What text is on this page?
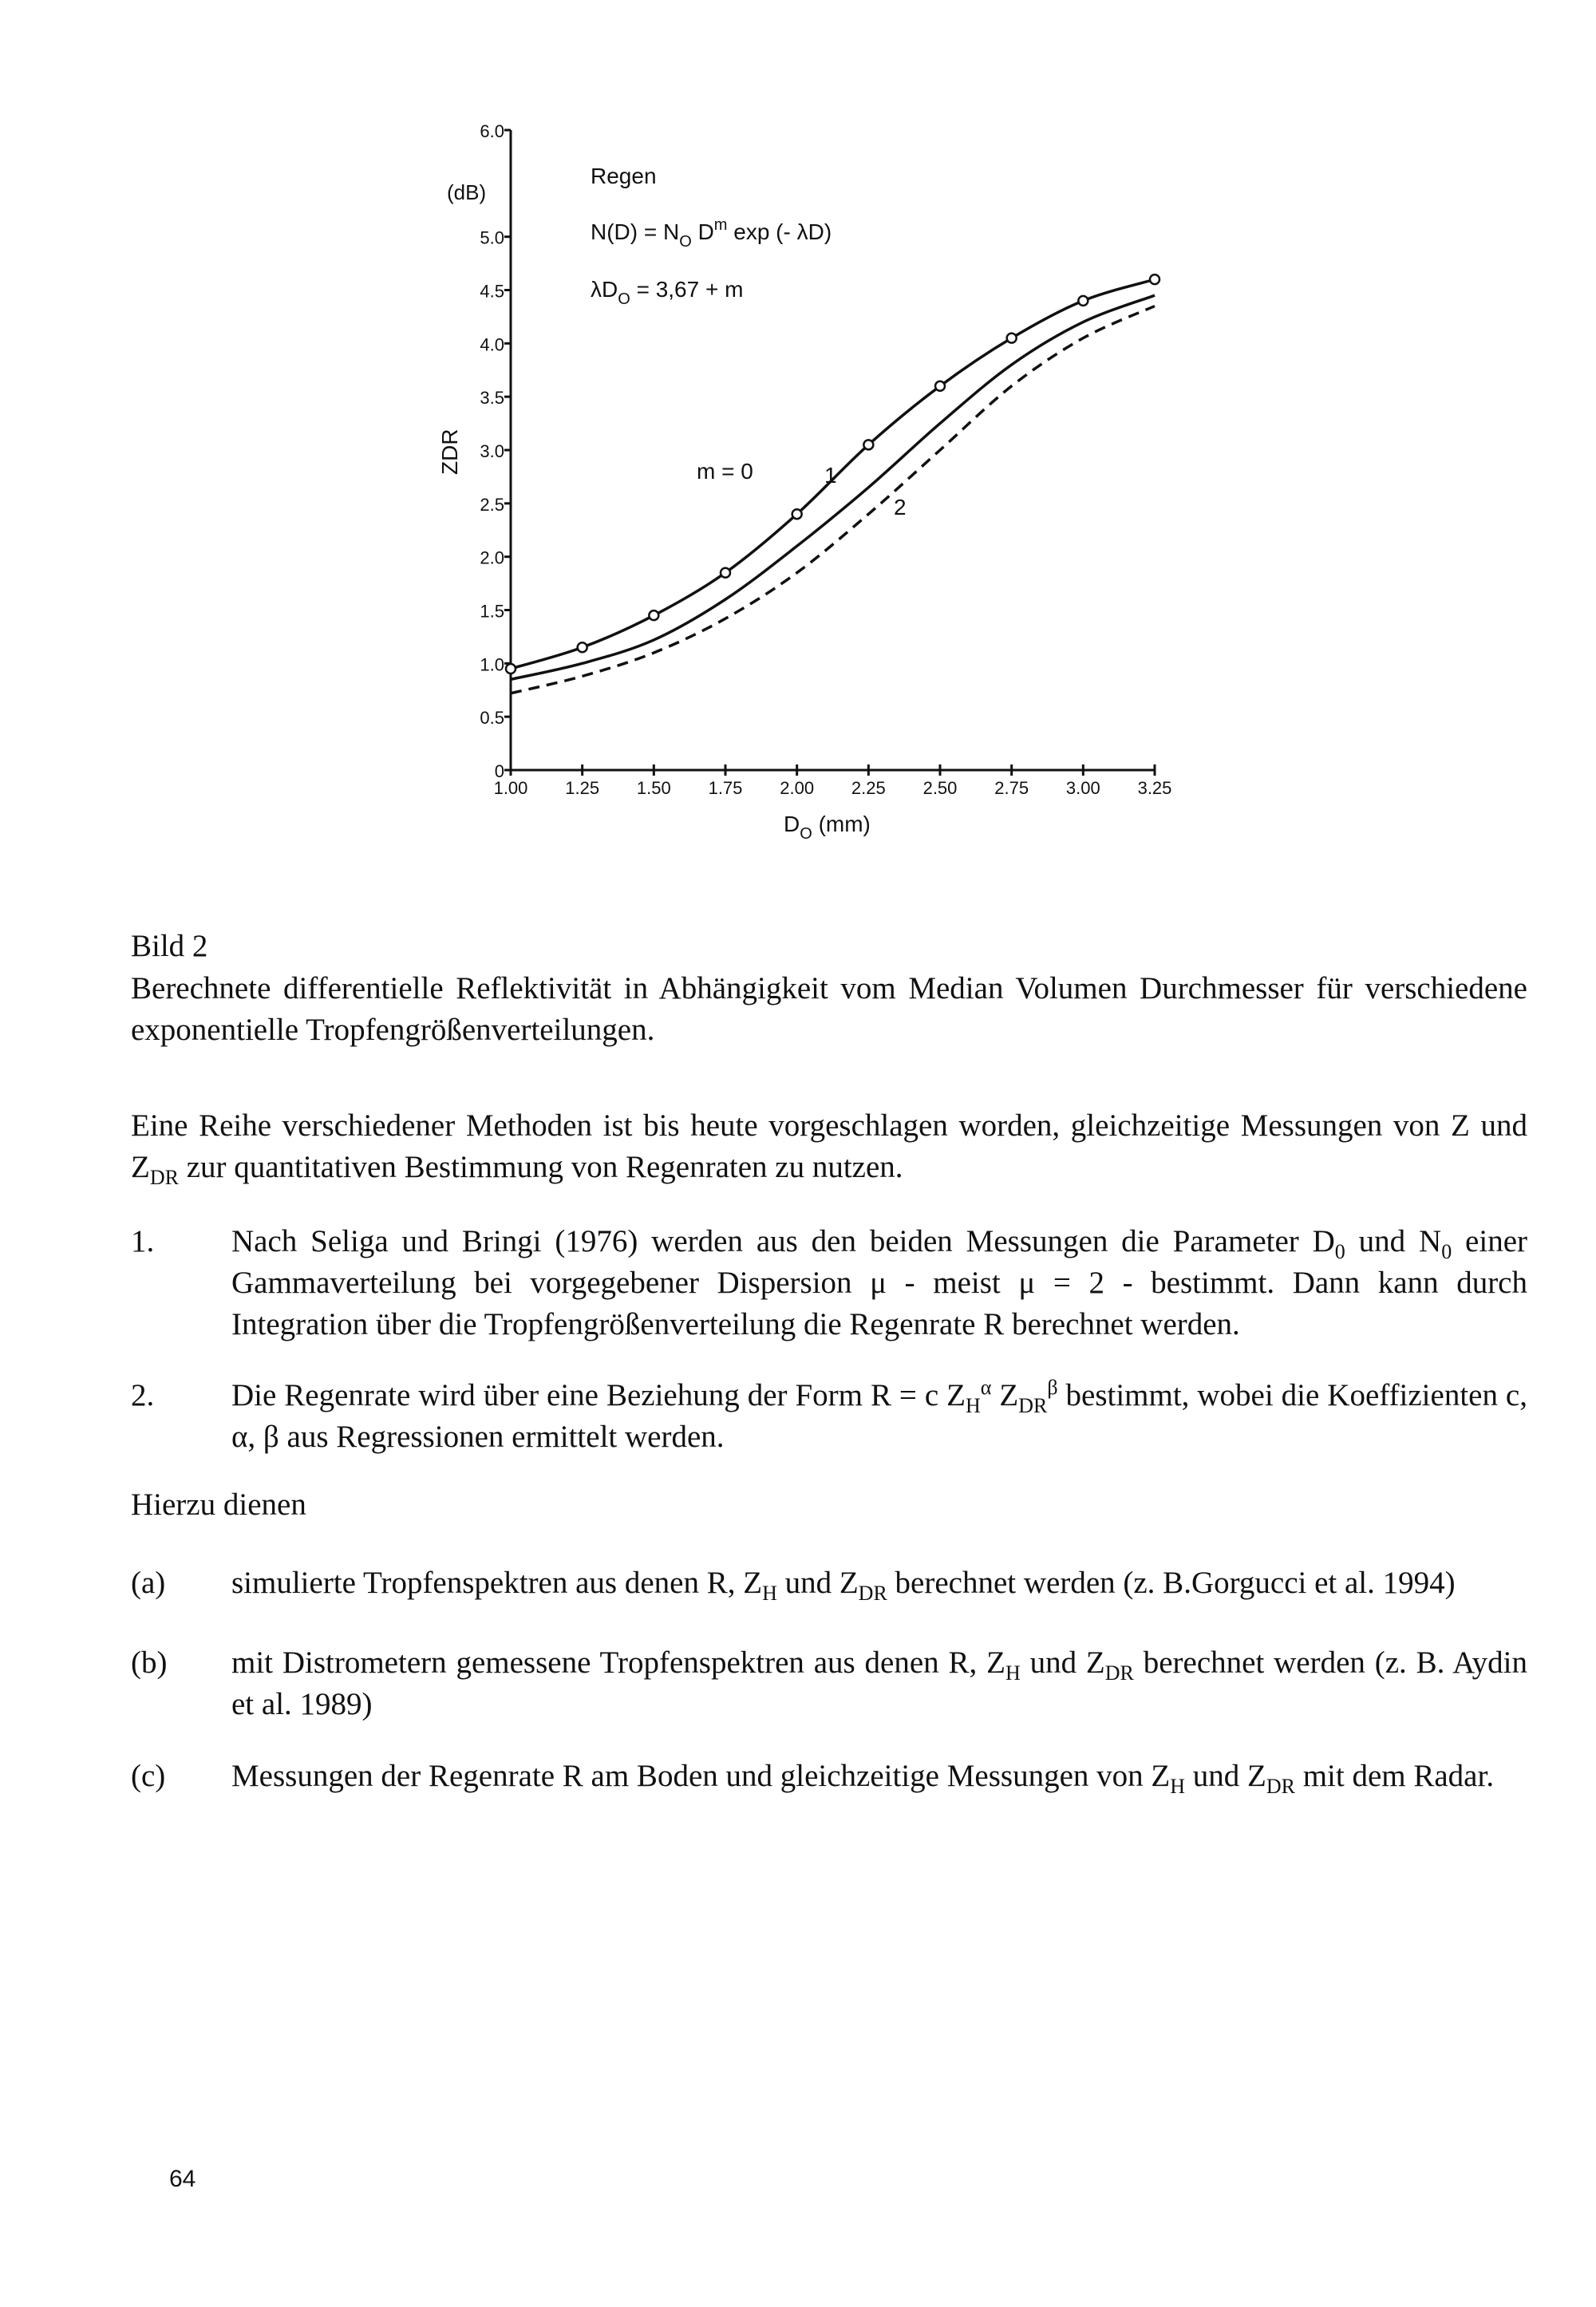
0
0.5
1.0
1.5
2.0
2.5
3.0
3.5
4.0
4.5
5.0
6.0
1.00 1.25 1.50 1.75 2.00 2.25 2.50 2.75 3.00 3.25
(dB)
ZDR
Regen
$N(D) = N_O$ $D^m$ exp (- λD)
$\lambda D_O = 3,67 + m$
m = 0	1
2
$D_O$ (mm)
Bild 2
Berechnete differentielle Reflektivität in Abhängigkeit vom Median Volumen Durchmesser für verschiedene exponentielle Tropfengrößenverteilungen.
Eine Reihe verschiedener Methoden ist bis heute vorgeschlagen worden, gleichzeitige Messungen von Z und $Z_{DR}$ zur quantitativen Bestimmung von Regenraten zu nutzen.
1. Nach Seliga und Bringi (1976) werden aus den beiden Messungen die Parameter $D_0$ und $N_0$ einer Gammaverteilung bei vorgegebener Dispersion μ - meist μ = 2 - bestimmt. Dann kann durch Integration über die Tropfengrößenverteilung die Regenrate R berechnet werden.
2. Die Regenrate wird über eine Beziehung der Form R = c $Z_H^\alpha$ $Z_{DR}^\beta$ bestimmt, wobei die Koeffizienten c, α, β aus Regressionen ermittelt werden.
Hierzu dienen
(a) simulierte Tropfenspektren aus denen R, $Z_H$ und $Z_{DR}$ berechnet werden (z. B.Gorgucci et al. 1994)
(b) mit Distrometern gemessene Tropfenspektren aus denen R, $Z_H$ und $Z_{DR}$ berechnet werden (z. B. Aydin et al. 1989)
(c) Messungen der Regenrate R am Boden und gleichzeitige Messungen von $Z_H$ und $Z_{DR}$ mit dem Radar.
64
